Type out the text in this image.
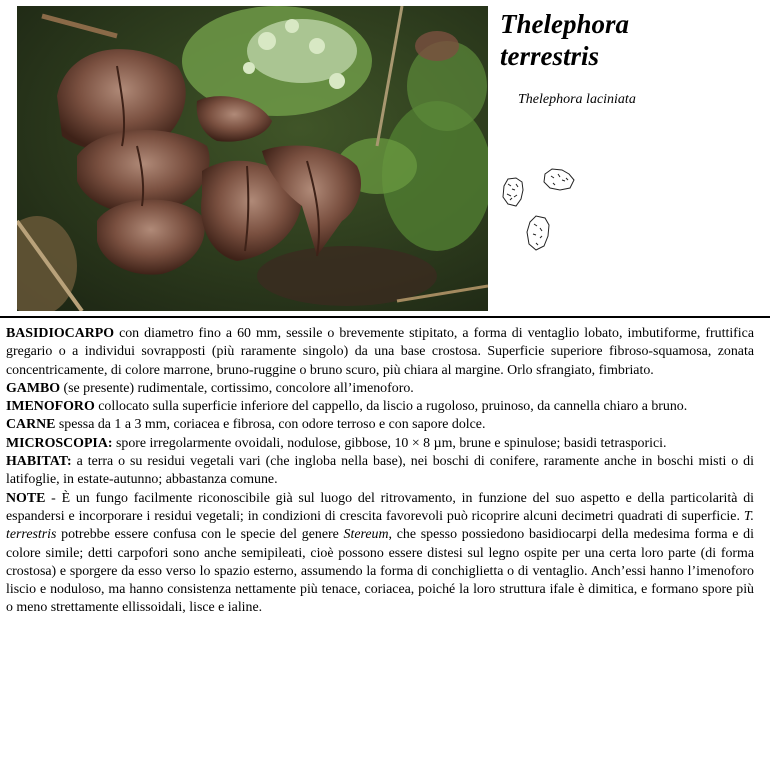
Thelephora
terrestris
Thelephora laciniata

BASIDIOCARPO con diametro fino a 60 mm, sessile o brevemente stipitato, a forma di ventaglio lobato, imbutiforme, fruttifica gregario o a individui sovrapposti (più raramente singolo) da una base crostosa. Superficie superiore fibroso-squamosa, zonata concentricamente, di colore marrone, bruno-ruggine o bruno scuro, più chiara al margine. Orlo sfrangiato, fimbriato.

GAMBO (se presente) rudimentale, cortissimo, concolore all’imenoforo.

IMENOFORO collocato sulla superficie inferiore del cappello, da liscio a rugoloso, pruinoso, da cannella chiaro a bruno.

CARNE spessa da 1 a 3 mm, coriacea e fibrosa, con odore terroso e con sapore dolce.

MICROSCOPIA: spore irregolarmente ovoidali, nodulose, gibbose, 10 × 8 µm, brune e spinulose; basidi tetrasporici.

HABITAT: a terra o su residui vegetali vari (che ingloba nella base), nei boschi di conifere, raramente anche in boschi misti o di latifoglie, in estate-autunno; abbastanza comune.

NOTE - È un fungo facilmente riconoscibile già sul luogo del ritrovamento, in funzione del suo aspetto e della particolarità di espandersi e incorporare i residui vegetali; in condizioni di crescita favorevoli può ricoprire alcuni decimetri quadrati di superficie. T. terrestris potrebbe essere confusa con le specie del genere Stereum, che spesso possiedono basidiocarpi della medesima forma e di colore simile; detti carpofori sono anche semipileati, cioè possono essere distesi sul legno ospite per una certa loro parte (di forma crostosa) e sporgere da esso verso lo spazio esterno, assumendo la forma di conchiglietta o di ventaglio. Anch’essi hanno l’imenoforo liscio e noduloso, ma hanno consistenza nettamente più tenace, coriacea, poiché la loro struttura ifale è dimitica, e formano spore più o meno strettamente ellissoidali, lisce e ialine.
